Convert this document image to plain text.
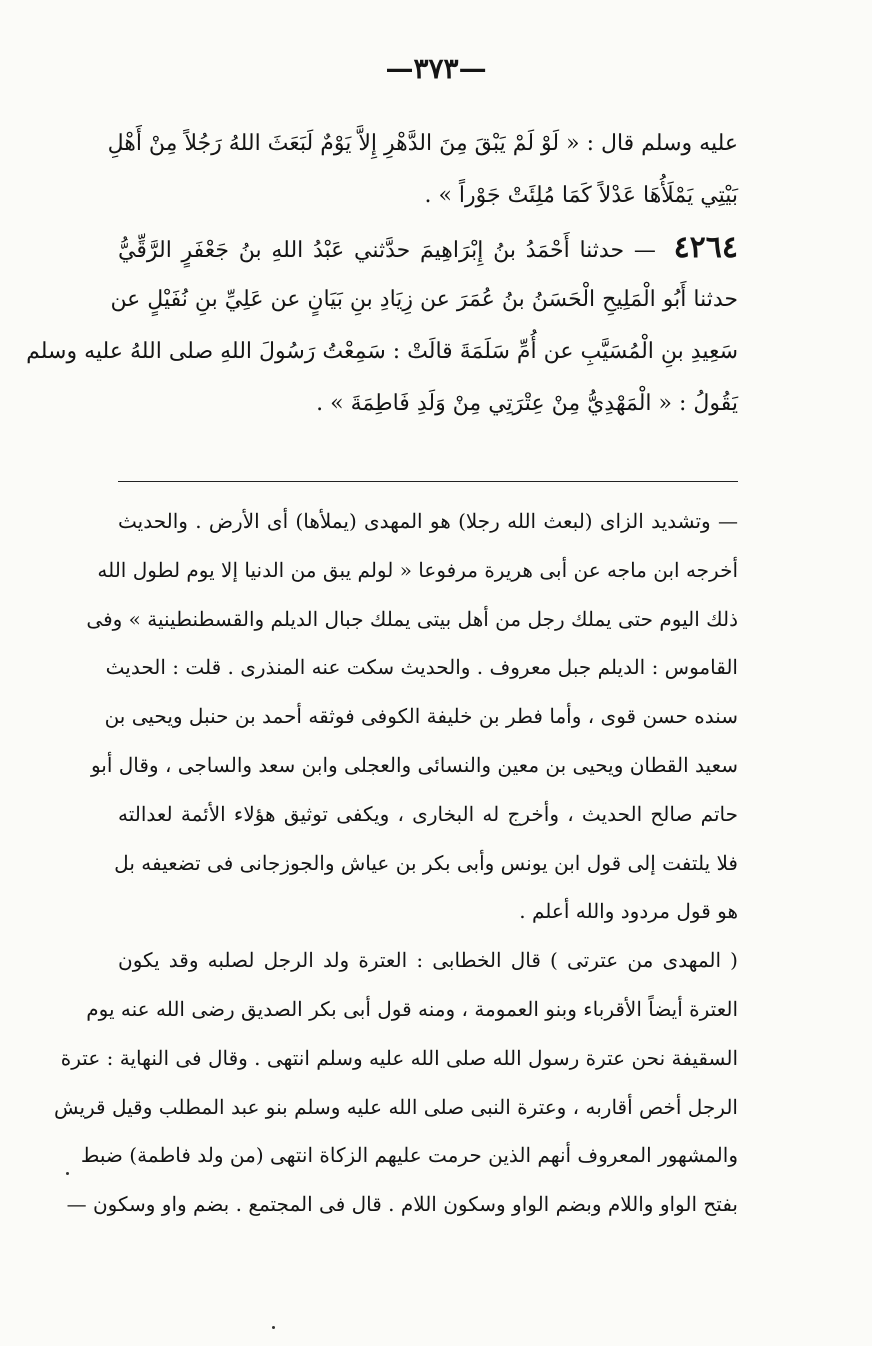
—٣٧٣—
عليه وسلم قال : « لَوْ لَمْ يَبْقَ مِنَ الدَّهْرِ إِلاَّ يَوْمٌ لَبَعَثَ اللهُ رَجُلاً مِنْ أَهْلِ
بَيْتِي يَمْلَأُهَا عَدْلاً كَمَا مُلِئَتْ جَوْراً » .
٤٢٦٤ — حدثنا أَحْمَدُ بنُ إِبْرَاهِيمَ حدَّثني عَبْدُ اللهِ بنُ جَعْفَرٍ الرَّقِّيُّ
حدثنا أَبُو الْمَلِيحِ الْحَسَنُ بنُ عُمَرَ عن زِيَادِ بنِ بَيَانٍ عن عَلِيِّ بنِ نُفَيْلٍ عن
سَعِيدِ بنِ الْمُسَيَّبِ عن أُمِّ سَلَمَةَ قالَتْ : سَمِعْتُ رَسُولَ اللهِ صلى اللهُ عليه وسلم
يَقُولُ : « الْمَهْدِيُّ مِنْ عِتْرَتِي مِنْ وَلَدِ فَاطِمَةَ » .
— وتشديد الزاى (لبعث الله رجلا) هو المهدى (يملأها) أى الأرض . والحديث
أخرجه ابن ماجه عن أبى هريرة مرفوعا « لولم يبق من الدنيا إلا يوم لطول الله
ذلك اليوم حتى يملك رجل من أهل بيتى يملك جبال الديلم والقسطنطينية » وفى
القاموس : الديلم جبل معروف . والحديث سكت عنه المنذرى . قلت : الحديث
سنده حسن قوى ، وأما فطر بن خليفة الكوفى فوثقه أحمد بن حنبل ويحيى بن
سعيد القطان ويحيى بن معين والنسائى والعجلى وابن سعد والساجى ، وقال أبو
حاتم صالح الحديث ، وأخرج له البخارى ، ويكفى توثيق هؤلاء الأئمة لعدالته
فلا يلتفت إلى قول ابن يونس وأبى بكر بن عياش والجوزجانى فى تضعيفه بل
هو قول مردود والله أعلم .
( المهدى من عترتى ) قال الخطابى : العترة ولد الرجل لصلبه وقد يكون
العترة أيضاً الأقرباء وبنو العمومة ، ومنه قول أبى بكر الصديق رضى الله عنه يوم
السقيفة نحن عترة رسول الله صلى الله عليه وسلم انتهى . وقال فى النهاية : عترة
الرجل أخص أقاربه ، وعترة النبى صلى الله عليه وسلم بنو عبد المطلب وقيل قريش
والمشهور المعروف أنهم الذين حرمت عليهم الزكاة انتهى (من ولد فاطمة) ضبط
بفتح الواو واللام وبضم الواو وسكون اللام . قال فى المجتمع . بضم واو وسكون —
